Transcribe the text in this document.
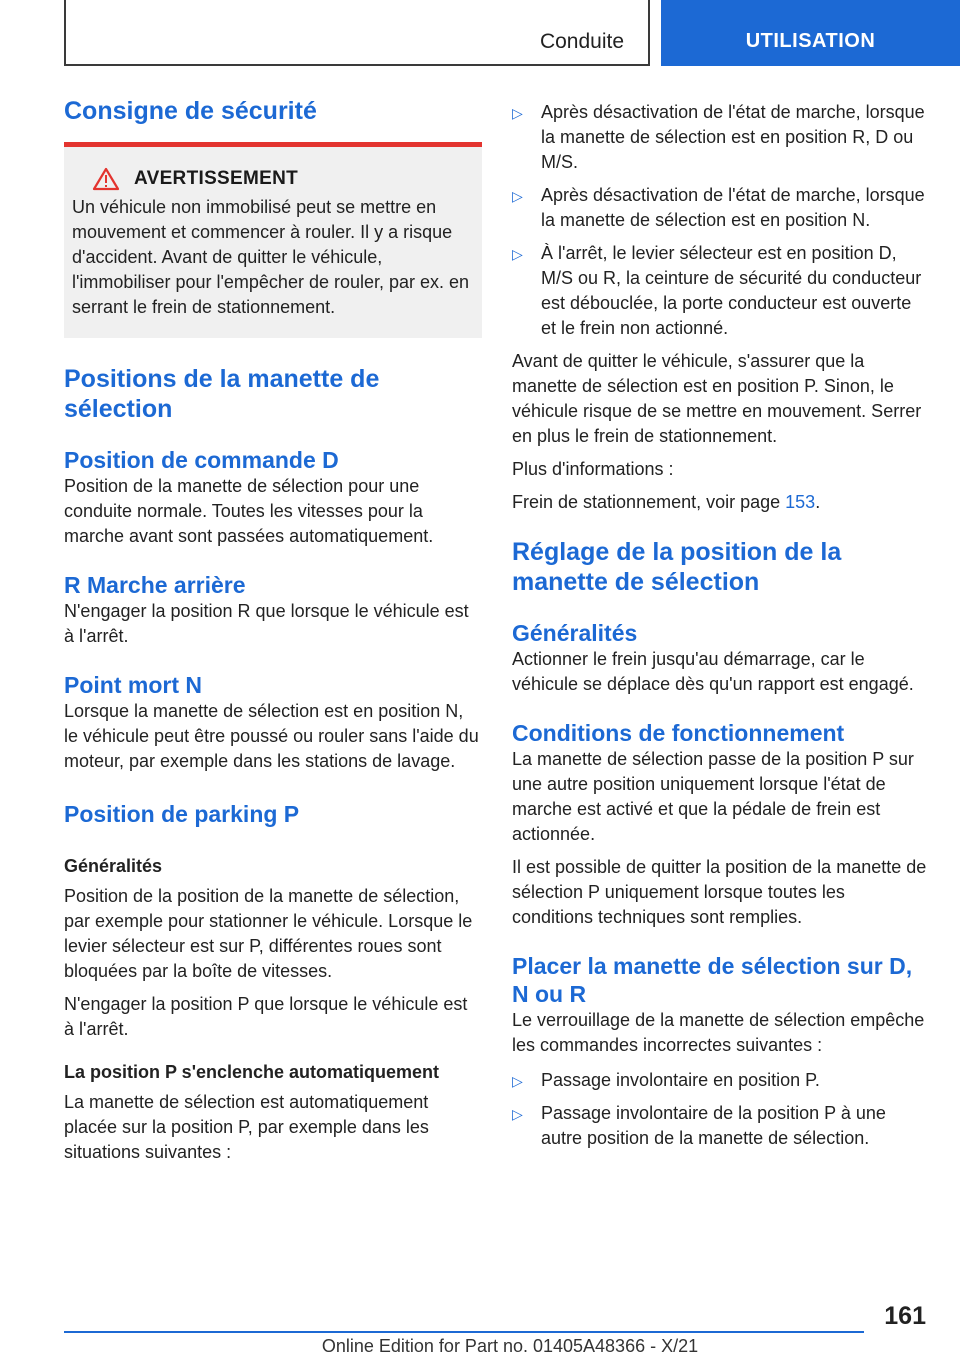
Conduite	UTILISATION
Consigne de sécurité
AVERTISSEMENT

Un véhicule non immobilisé peut se mettre en mouvement et commencer à rouler. Il y a risque d'accident. Avant de quitter le véhicule, l'immobiliser pour l'empêcher de rouler, par ex. en serrant le frein de stationnement.

Positions de la manette de sélection
Position de commande D

Position de la manette de sélection pour une conduite normale. Toutes les vitesses pour la marche avant sont passées automatiquement.

R Marche arrière

N'engager la position R que lorsque le véhicule est à l'arrêt.

Point mort N

Lorsque la manette de sélection est en position N, le véhicule peut être poussé ou rouler sans l'aide du moteur, par exemple dans les stations de lavage.

Position de parking P
Généralités

Position de la position de la manette de sélection, par exemple pour stationner le véhicule. Lorsque le levier sélecteur est sur P, différentes roues sont bloquées par la boîte de vitesses.

N'engager la position P que lorsque le véhicule est à l'arrêt.

La position P s'enclenche automatiquement

La manette de sélection est automatiquement placée sur la position P, par exemple dans les situations suivantes :

▷ Après désactivation de l'état de marche, lorsque la manette de sélection est en position R, D ou M/S.
▷ Après désactivation de l'état de marche, lorsque la manette de sélection est en position N.
▷ À l'arrêt, le levier sélecteur est en position D, M/S ou R, la ceinture de sécurité du conducteur est débouclée, la porte conducteur est ouverte et le frein non actionné.

Avant de quitter le véhicule, s'assurer que la manette de sélection est en position P. Sinon, le véhicule risque de se mettre en mouvement. Serrer en plus le frein de stationnement.

Plus d'informations :

Frein de stationnement, voir page 153.

Réglage de la position de la manette de sélection
Généralités

Actionner le frein jusqu'au démarrage, car le véhicule se déplace dès qu'un rapport est engagé.

Conditions de fonctionnement

La manette de sélection passe de la position P sur une autre position uniquement lorsque l'état de marche est activé et que la pédale de frein est actionnée.

Il est possible de quitter la position de la manette de sélection P uniquement lorsque toutes les conditions techniques sont remplies.

Placer la manette de sélection sur D, N ou R

Le verrouillage de la manette de sélection empêche les commandes incorrectes suivantes :

▷ Passage involontaire en position P.
▷ Passage involontaire de la position P à une autre position de la manette de sélection.
161
Online Edition for Part no. 01405A48366 - X/21
